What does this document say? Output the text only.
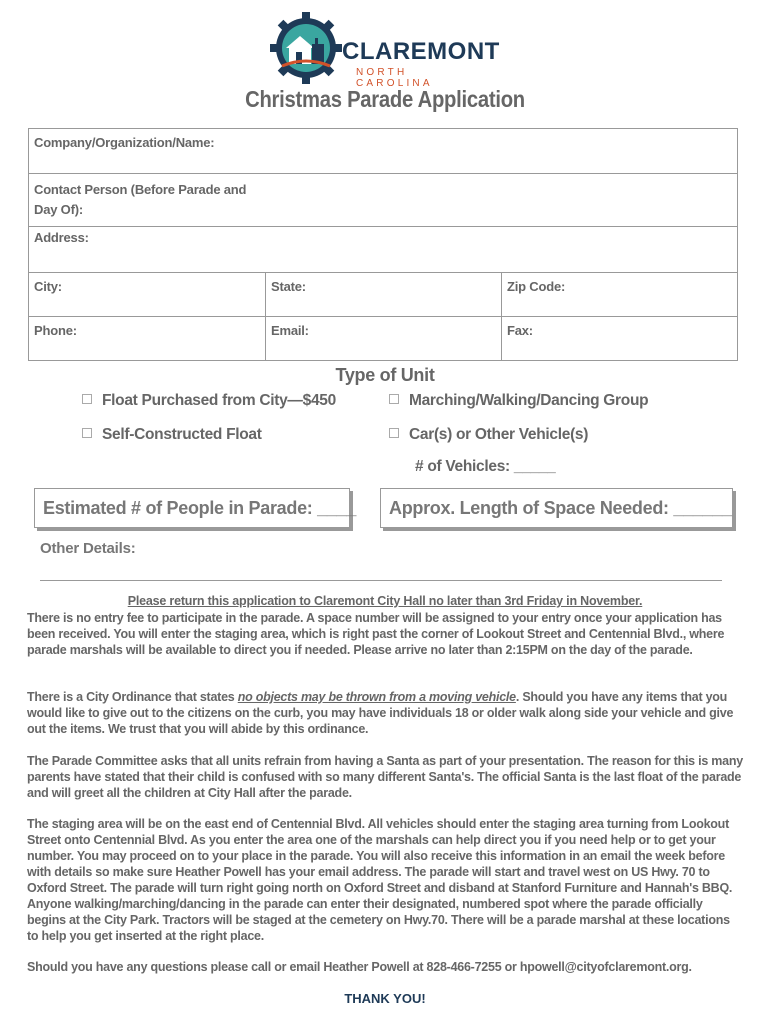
CLAREMONT
NORTH CAROLINA
Christmas Parade Application
Company/Organization/Name:		
Contact Person (Before Parade and
Day Of):		
Address:		
City:	State:	Zip Code:
Phone:	Email:	Fax:
Type of Unit
Float Purchased from City—$450	Marching/Walking/Dancing Group
Self-Constructed Float	Car(s) or Other Vehicle(s)
# of Vehicles: _____
Estimated # of People in Parade: ____	Approx. Length of Space Needed: ______
Other Details:
Please return this application to Claremont City Hall no later than 3rd Friday in November.
There is no entry fee to participate in the parade. A space number will be assigned to your entry once your application has been received. You will enter the staging area, which is right past the corner of Lookout Street and Centennial Blvd., where parade marshals will be available to direct you if needed. Please arrive no later than 2:15PM on the day of the parade.
There is a City Ordinance that states no objects may be thrown from a moving vehicle. Should you have any items that you would like to give out to the citizens on the curb, you may have individuals 18 or older walk along side your vehicle and give out the items. We trust that you will abide by this ordinance.
The Parade Committee asks that all units refrain from having a Santa as part of your presentation. The reason for this is many parents have stated that their child is confused with so many different Santa's. The official Santa is the last float of the parade and will greet all the children at City Hall after the parade.
The staging area will be on the east end of Centennial Blvd. All vehicles should enter the staging area turning from Lookout Street onto Centennial Blvd. As you enter the area one of the marshals can help direct you if you need help or to get your number. You may proceed on to your place in the parade. You will also receive this information in an email the week before with details so make sure Heather Powell has your email address. The parade will start and travel west on US Hwy. 70 to Oxford Street. The parade will turn right going north on Oxford Street and disband at Stanford Furniture and Hannah's BBQ. Anyone walking/marching/dancing in the parade can enter their designated, numbered spot where the parade officially begins at the City Park. Tractors will be staged at the cemetery on Hwy.70. There will be a parade marshal at these locations to help you get inserted at the right place.
Should you have any questions please call or email Heather Powell at 828-466-7255 or hpowell@cityofclaremont.org.
THANK YOU!
